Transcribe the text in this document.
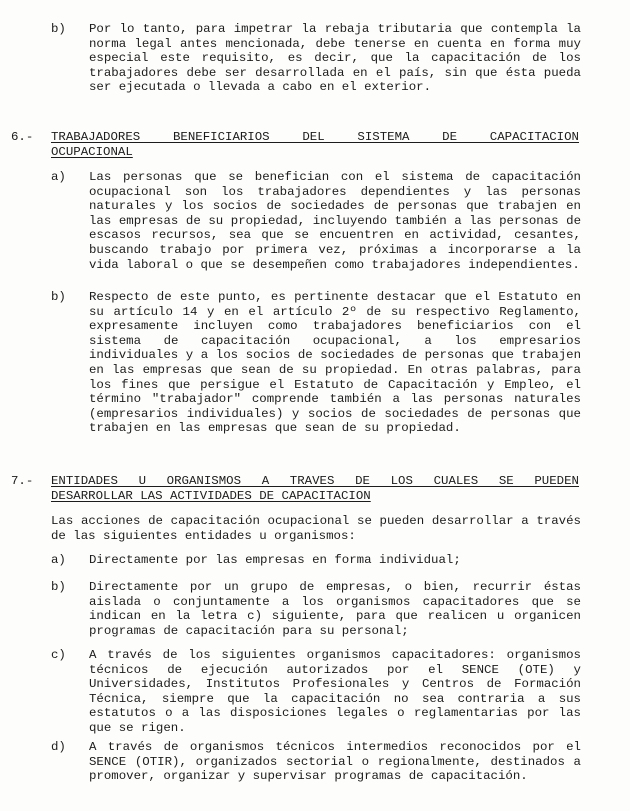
b)	Por lo tanto, para impetrar la rebaja tributaria que contempla la norma legal antes mencionada, debe tenerse en cuenta en forma muy especial este requisito, es decir, que la capacitación de los trabajadores debe ser desarrollada en el país, sin que ésta pueda ser ejecutada o llevada a cabo en el exterior.
6.-	TRABAJADORES BENEFICIARIOS DEL SISTEMA DE CAPACITACION
OCUPACIONAL
a)	Las personas que se benefician con el sistema de capacitación ocupacional son los trabajadores dependientes y las personas naturales y los socios de sociedades de personas que trabajen en las empresas de su propiedad, incluyendo también a las personas de escasos recursos, sea que se encuentren en actividad, cesantes, buscando trabajo por primera vez, próximas a incorporarse a la vida laboral o que se desempeñen como trabajadores independientes.
b)	Respecto de este punto, es pertinente destacar que el Estatuto en su artículo 14 y en el artículo 2º de su respectivo Reglamento, expresamente incluyen como trabajadores beneficiarios con el sistema de capacitación ocupacional, a los empresarios individuales y a los socios de sociedades de personas que trabajen en las empresas que sean de su propiedad. En otras palabras, para los fines que persigue el Estatuto de Capacitación y Empleo, el término "trabajador" comprende también a las personas naturales (empresarios individuales) y socios de sociedades de personas que trabajen en las empresas que sean de su propiedad.
7.-	ENTIDADES U ORGANISMOS A TRAVES DE LOS CUALES SE PUEDEN
DESARROLLAR LAS ACTIVIDADES DE CAPACITACION
Las acciones de capacitación ocupacional se pueden desarrollar a través de las siguientes entidades u organismos:
a)	Directamente por las empresas en forma individual;
b)	Directamente por un grupo de empresas, o bien, recurrir éstas aislada o conjuntamente a los organismos capacitadores que se indican en la letra c) siguiente, para que realicen u organicen programas de capacitación para su personal;
c)	A través de los siguientes organismos capacitadores: organismos técnicos de ejecución autorizados por el SENCE (OTE) y Universidades, Institutos Profesionales y Centros de Formación Técnica, siempre que la capacitación no sea contraria a sus estatutos o a las disposiciones legales o reglamentarias por las que se rigen.
d)	A través de organismos técnicos intermedios reconocidos por el SENCE (OTIR), organizados sectorial o regionalmente, destinados a promover, organizar y supervisar programas de capacitación.
